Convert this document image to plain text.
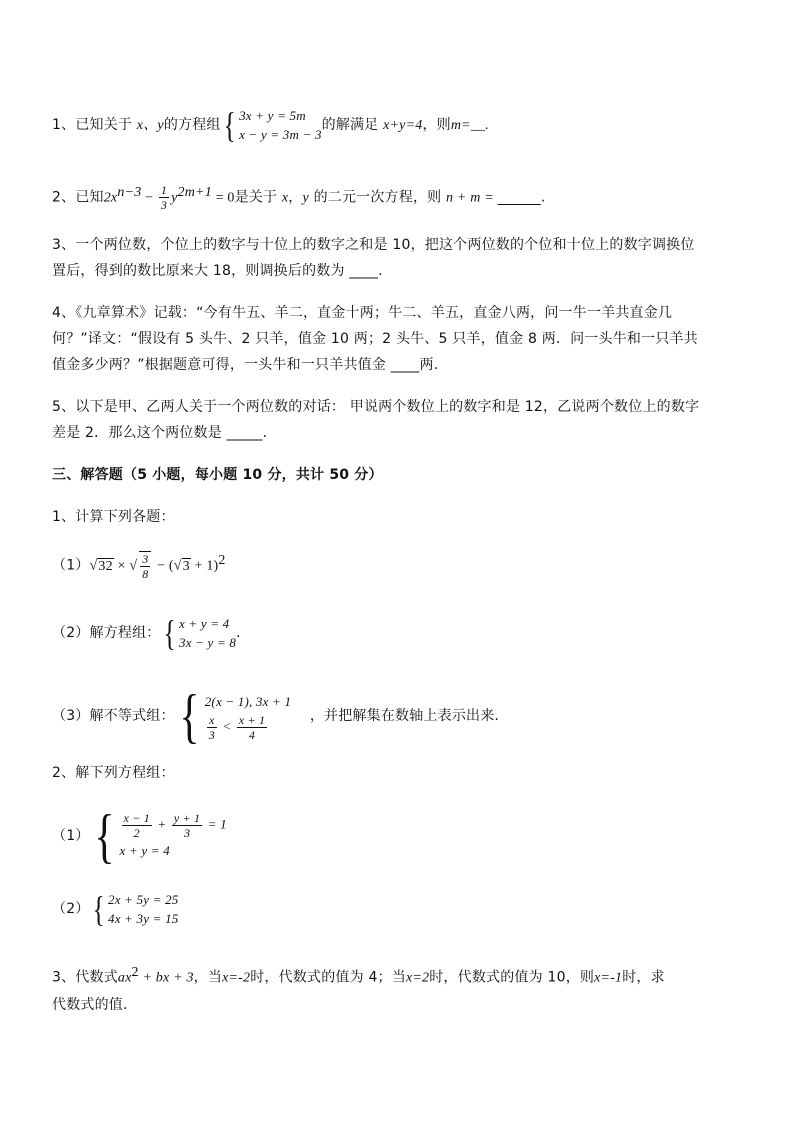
1、已知关于 x、y的方程组 { 3x + y = 5m
x − y = 3m − 3
的解满足 x+y=4，则m=__.
2、已知$2x^{n-3} - \frac{1}{3} y^{2m+1} = 0$是关于 x，y 的二元一次方程，则 n + m = ______.
3、一个两位数，个位上的数字与十位上的数字之和是 10，把这个两位数的个位和十位上的数字调换位
置后，得到的数比原来大 18，则调换后的数为 ____.
4、《九章算术》记载：“今有牛五、羊二，直金十两；牛二、羊五，直金八两，问一牛一羊共直金几
何？”译文：“假设有 5 头牛、2 只羊，值金 10 两；2 头牛、5 只羊，值金 8 两．问一头牛和一只羊共
值金多少两？”根据题意可得，一头牛和一只羊共值金 ____两.
5、以下是甲、乙两人关于一个两位数的对话： 甲说两个数位上的数字和是 12，乙说两个数位上的数字
差是 2．那么这个两位数是 _____.
三、解答题（5 小题，每小题 10 分，共计 50 分）
1、计算下列各题：
（1）√32 × √ $\frac{3}{8} - (√3 + 1)^2$
（2）解方程组： { x + y = 4
3x − y = 8
.
（3）解不等式组： { 2(x − 1), 3x + 1
$\frac{x}{3} < \frac{x + 1}{4}$	，并把解集在数轴上表示出来.
2、解下列方程组：
（1） { $\frac{x - 1}{2} + \frac{y + 1}{3} = 1$
x + y = 4
（2） { 2x + 5y = 25
4x + 3y = 15
3、代数式$ax^2$ + bx + 3，当x=-2时，代数式的值为 4；当x=2时，代数式的值为 10，则x=-1时，求
代数式的值.
